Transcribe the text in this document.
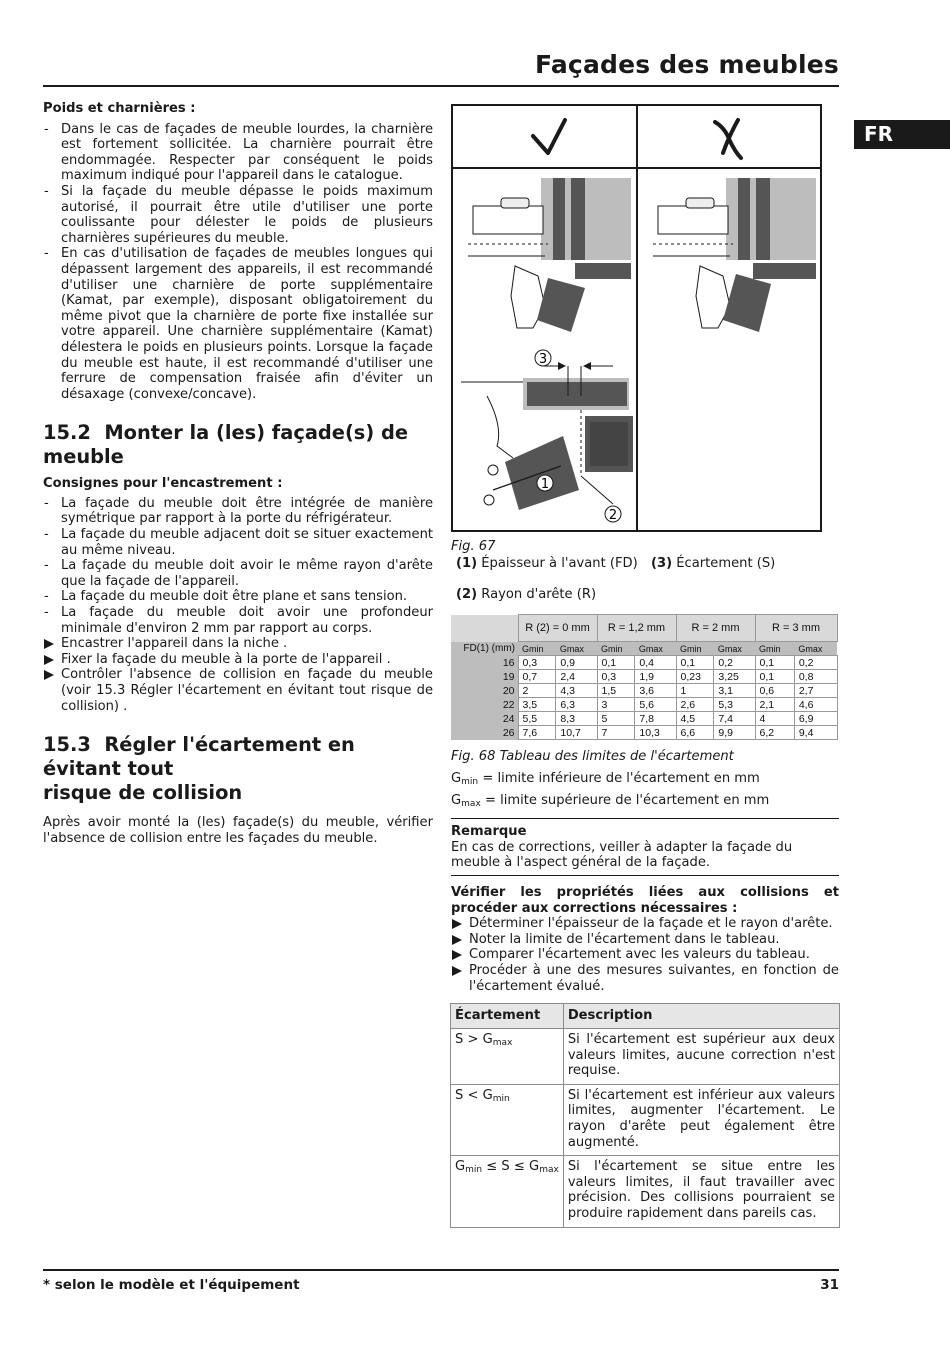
Façades des meubles
FR
Poids et charnières :
- Dans le cas de façades de meuble lourdes, la charnière est fortement sollicitée. La charnière pourrait être endommagée. Respecter par conséquent le poids maximum indiqué pour l'appareil dans le catalogue.
- Si la façade du meuble dépasse le poids maximum autorisé, il pourrait être utile d'utiliser une porte coulissante pour délester le poids de plusieurs charnières supérieures du meuble.
- En cas d'utilisation de façades de meubles longues qui dépassent largement des appareils, il est recommandé d'utiliser une charnière de porte supplémentaire (Kamat, par exemple), disposant obligatoirement du même pivot que la charnière de porte fixe installée sur votre appareil. Une charnière supplémentaire (Kamat) délestera le poids en plusieurs points. Lorsque la façade du meuble est haute, il est recommandé d'utiliser une ferrure de compensation fraisée afin d'éviter un désaxage (convexe/concave).
15.2 Monter la (les) façade(s) de meuble
Consignes pour l'encastrement :
- La façade du meuble doit être intégrée de manière symétrique par rapport à la porte du réfrigérateur.
- La façade du meuble adjacent doit se situer exactement au même niveau.
- La façade du meuble doit avoir le même rayon d'arête que la façade de l'appareil.
- La façade du meuble doit être plane et sans tension.
- La façade du meuble doit avoir une profondeur minimale d'environ 2 mm par rapport au corps.
Encastrer l'appareil dans la niche .
Fixer la façade du meuble à la porte de l'appareil .
Contrôler l'absence de collision en façade du meuble (voir 15.3 Régler l'écartement en évitant tout risque de collision) .
15.3 Régler l'écartement en évitant tout
risque de collision
Après avoir monté la (les) façade(s) du meuble, vérifier l'absence de collision entre les façades du meuble.
3
1
2
Fig. 67
(1) Épaisseur à l'avant (FD)
(2) Rayon d'arête (R)
(3) Écartement (S)
	R (2) = 0 mm		R = 1,2 mm		R = 2 mm		R = 3 mm	
FD(1) (mm)	Gmin	Gmax	Gmin	Gmax	Gmin	Gmax	Gmin	Gmax
16	0,3	0,9	0,1	0,4	0,1	0,2	0,1	0,2
19	0,7	2,4	0,3	1,9	0,23	3,25	0,1	0,8
20	2	4,3	1,5	3,6	1	3,1	0,6	2,7
22	3,5	6,3	3	5,6	2,6	5,3	2,1	4,6
24	5,5	8,3	5	7,8	4,5	7,4	4	6,9
26	7,6	10,7	7	10,3	6,6	9,9	6,2	9,4
Fig. 68 Tableau des limites de l'écartement
$G_{min}$ = limite inférieure de l'écartement en mm
$G_{max}$ = limite supérieure de l'écartement en mm
Remarque
En cas de corrections, veiller à adapter la façade du meuble à l'aspect général de la façade.
Vérifier les propriétés liées aux collisions et procéder aux corrections nécessaires :
Déterminer l'épaisseur de la façade et le rayon d'arête.
Noter la limite de l'écartement dans le tableau.
Comparer l'écartement avec les valeurs du tableau.
Procéder à une des mesures suivantes, en fonction de l'écartement évalué.
Écartement	Description
$S > G_{max}$	Si l'écartement est supérieur aux deux valeurs limites, aucune correction n'est requise.
$S < G_{min}$	Si l'écartement est inférieur aux valeurs limites, augmenter l'écartement. Le rayon d'arête peut également être augmenté.
$G_{min} \le S \le G_{max}$	Si l'écartement se situe entre les valeurs limites, il faut travailler avec précision. Des collisions pourraient se produire rapidement dans pareils cas.
* selon le modèle et l'équipement	31
